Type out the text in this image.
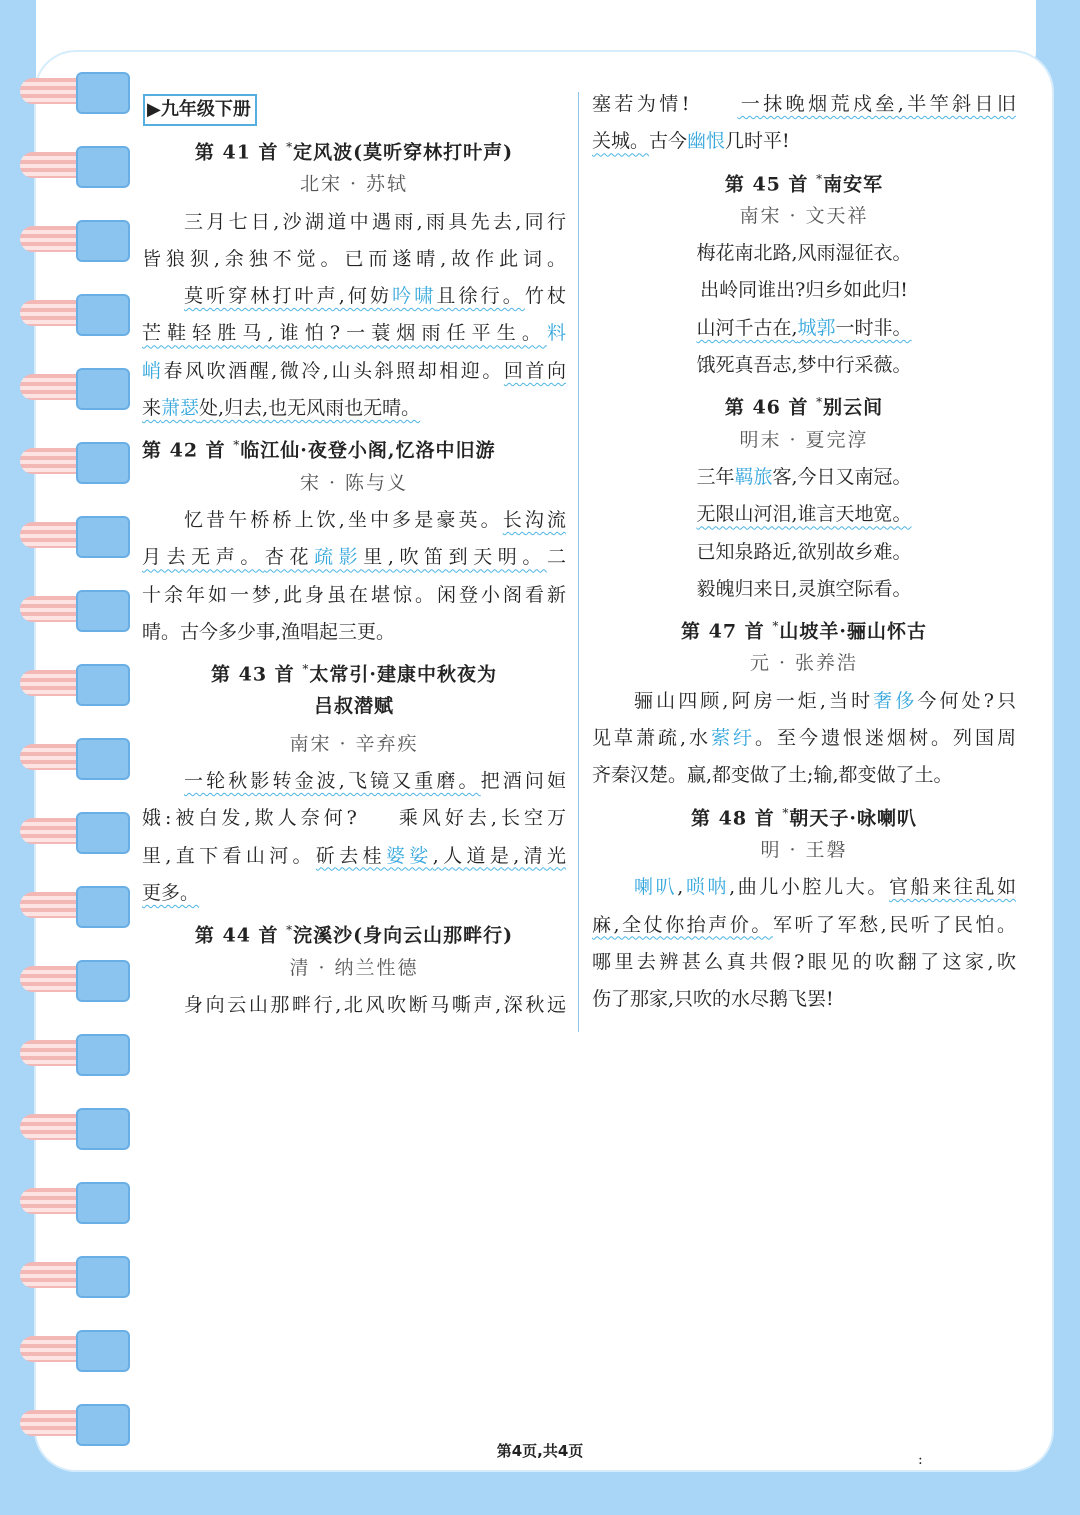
▶九年级下册
第 41 首 *定风波(莫听穿林打叶声)
北宋 · 苏轼
三月七日,沙湖道中遇雨,雨具先去,同行
皆狼狈,余独不觉。已而遂晴,故作此词。
莫听穿林打叶声,何妨吟啸且徐行。竹杖
芒鞋轻胜马,谁怕?一蓑烟雨任平生。料
峭春风吹酒醒,微冷,山头斜照却相迎。回首向
来萧瑟处,归去,也无风雨也无晴。
第 42 首 *临江仙·夜登小阁,忆洛中旧游
宋 · 陈与义
忆昔午桥桥上饮,坐中多是豪英。长沟流
月去无声。杏花疏影里,吹笛到天明。二
十余年如一梦,此身虽在堪惊。闲登小阁看新
晴。古今多少事,渔唱起三更。
第 43 首 *太常引·建康中秋夜为
吕叔潜赋
南宋 · 辛弃疾
一轮秋影转金波,飞镜又重磨。把酒问姮
娥:被白发,欺人奈何? 乘风好去,长空万
里,直下看山河。斫去桂婆娑,人道是,清光
更多。
第 44 首 *浣溪沙(身向云山那畔行)
清 · 纳兰性德
身向云山那畔行,北风吹断马嘶声,深秋远
塞若为情!	一抹晚烟荒戍垒,半竿斜日旧
关城。古今幽恨几时平!
第 45 首 *南安军
南宋 · 文天祥
梅花南北路,风雨湿征衣。
出岭同谁出?归乡如此归!
山河千古在,城郭一时非。
饿死真吾志,梦中行采薇。
第 46 首 *别云间
明末 · 夏完淳
三年羁旅客,今日又南冠。
无限山河泪,谁言天地宽。
已知泉路近,欲别故乡难。
毅魄归来日,灵旗空际看。
第 47 首 *山坡羊·骊山怀古
元 · 张养浩
骊山四顾,阿房一炬,当时奢侈今何处?只
见草萧疏,水萦纡。至今遗恨迷烟树。列国周
齐秦汉楚。赢,都变做了土;输,都变做了土。
第 48 首 *朝天子·咏喇叭
明 · 王磐
喇叭,唢呐,曲儿小腔儿大。官船来往乱如
麻,全仗你抬声价。军听了军愁,民听了民怕。
哪里去辨甚么真共假?眼见的吹翻了这家,吹
伤了那家,只吹的水尽鹅飞罢!
第4页,共4页	:
